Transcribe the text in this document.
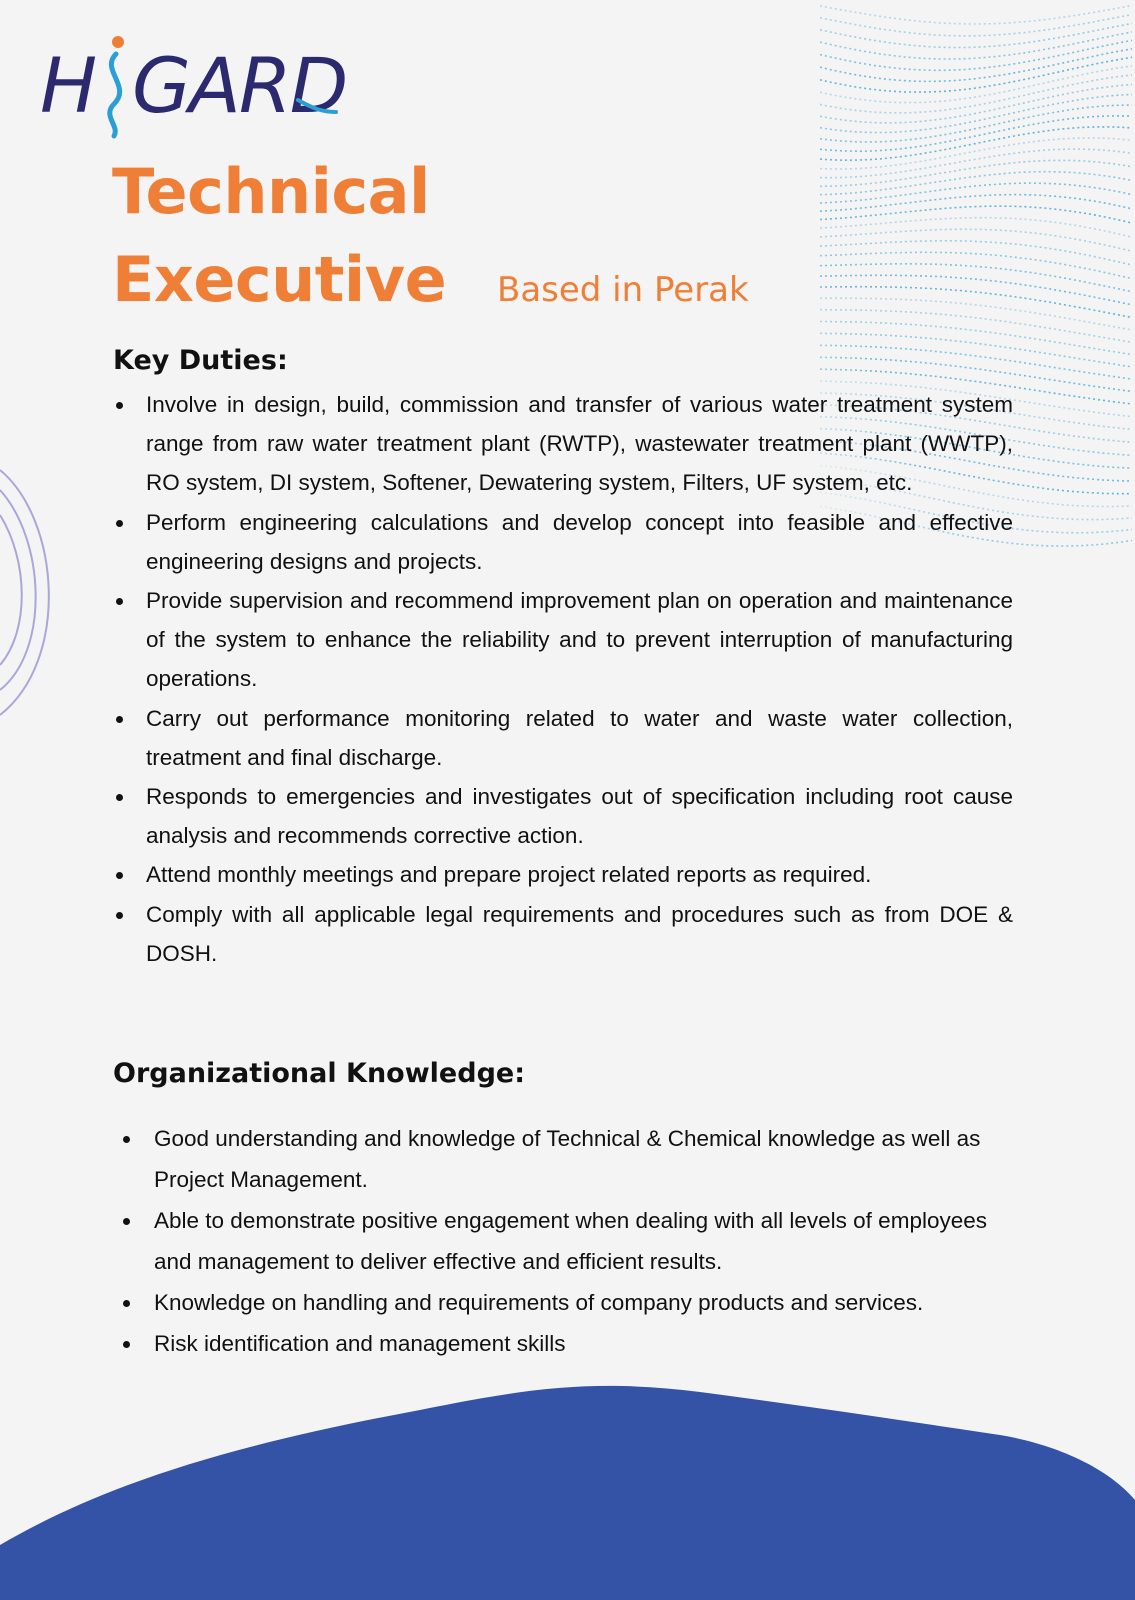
H GARD
Technical
Executive	Based in Perak
Key Duties:
Involve in design, build, commission and transfer of various water treatment system range from raw water treatment plant (RWTP), wastewater treatment plant (WWTP), RO system, DI system, Softener, Dewatering system, Filters, UF system, etc.
Perform engineering calculations and develop concept into feasible and effective engineering designs and projects.
Provide supervision and recommend improvement plan on operation and maintenance of the system to enhance the reliability and to prevent interruption of manufacturing operations.
Carry out performance monitoring related to water and waste water collection, treatment and final discharge.
Responds to emergencies and investigates out of specification including root cause analysis and recommends corrective action.
Attend monthly meetings and prepare project related reports as required.
Comply with all applicable legal requirements and procedures such as from DOE & DOSH.
Organizational Knowledge:
Good understanding and knowledge of Technical & Chemical knowledge as well as Project Management.
Able to demonstrate positive engagement when dealing with all levels of employees and management to deliver effective and efficient results.
Knowledge on handling and requirements of company products and services.
Risk identification and management skills
